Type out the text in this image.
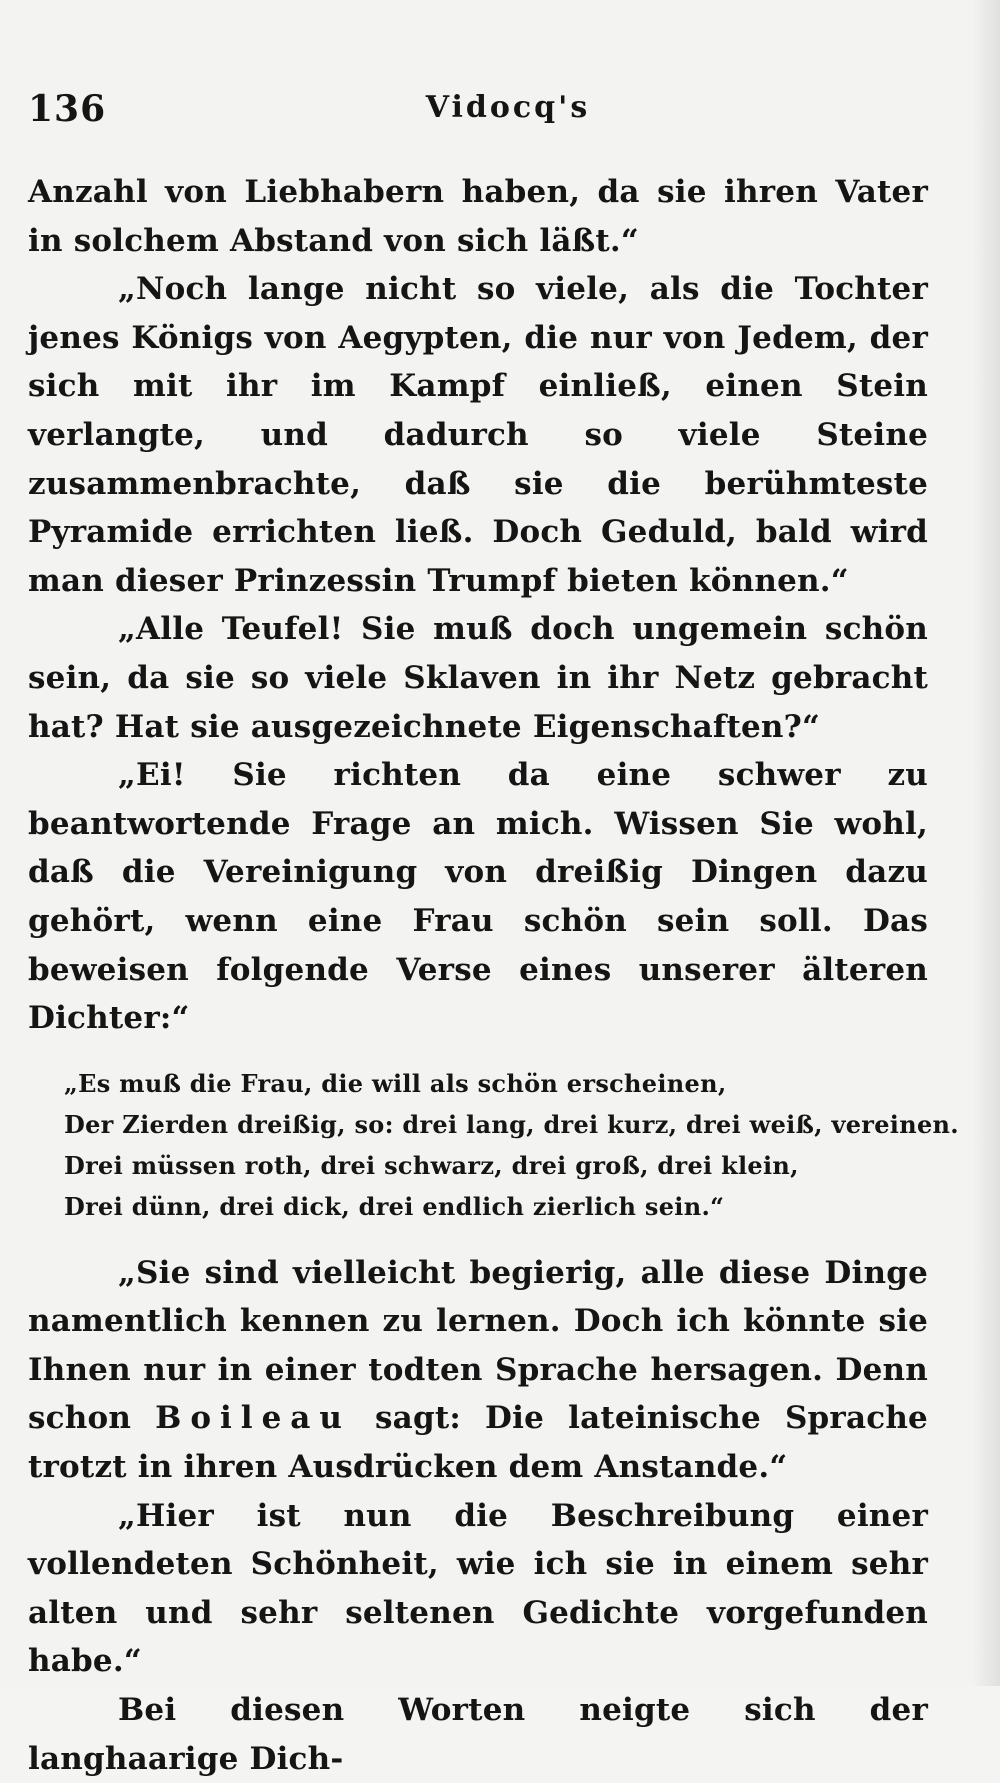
136	Vidocq's

Anzahl von Liebhabern haben, da sie ihren Vater in solchem Abstand von sich läßt.“

„Noch lange nicht so viele, als die Tochter jenes Königs von Aegypten, die nur von Jedem, der sich mit ihr im Kampf einließ, einen Stein verlangte, und dadurch so viele Steine zusammenbrachte, daß sie die berühmteste Pyramide errichten ließ. Doch Geduld, bald wird man dieser Prinzessin Trumpf bieten können.“

„Alle Teufel! Sie muß doch ungemein schön sein, da sie so viele Sklaven in ihr Netz gebracht hat? Hat sie ausgezeichnete Eigenschaften?“

„Ei! Sie richten da eine schwer zu beantwortende Frage an mich. Wissen Sie wohl, daß die Vereinigung von dreißig Dingen dazu gehört, wenn eine Frau schön sein soll. Das beweisen folgende Verse eines unserer älteren Dichter:“

„Es muß die Frau, die will als schön erscheinen,
Der Zierden dreißig, so: drei lang, drei kurz, drei weiß, vereinen.
Drei müssen roth, drei schwarz, drei groß, drei klein,
Drei dünn, drei dick, drei endlich zierlich sein.“

„Sie sind vielleicht begierig, alle diese Dinge namentlich kennen zu lernen. Doch ich könnte sie Ihnen nur in einer todten Sprache hersagen. Denn schon Boileau sagt: Die lateinische Sprache trotzt in ihren Ausdrücken dem Anstande.“

„Hier ist nun die Beschreibung einer vollendeten Schönheit, wie ich sie in einem sehr alten und sehr seltenen Gedichte vorgefunden habe.“

Bei diesen Worten neigte sich der langhaarige Dich-
